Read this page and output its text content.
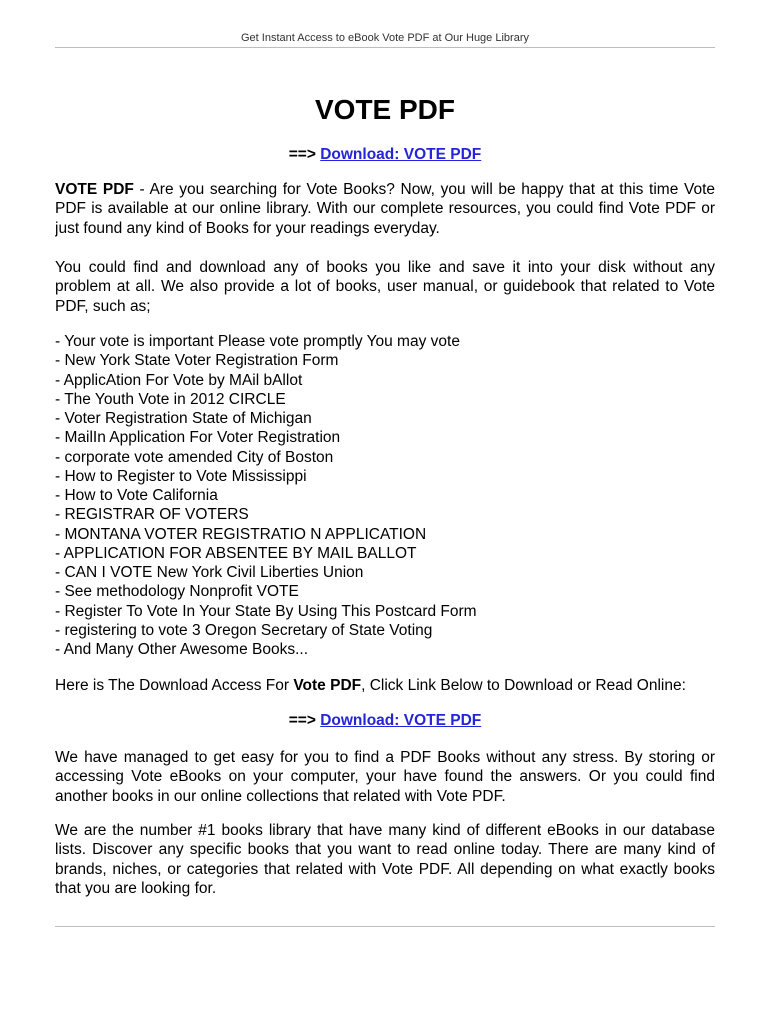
Get Instant Access to eBook Vote PDF at Our Huge Library
VOTE PDF
==> Download: VOTE PDF
VOTE PDF - Are you searching for Vote Books? Now, you will be happy that at this time Vote
PDF is available at our online library. With our complete resources, you could find Vote PDF or
just found any kind of Books for your readings everyday.
You could find and download any of books you like and save it into your disk without any
problem at all. We also provide a lot of books, user manual, or guidebook that related to Vote
PDF, such as;
- Your vote is important Please vote promptly You may vote
- New York State Voter Registration Form
- ApplicAtion For Vote by MAil bAllot
- The Youth Vote in 2012 CIRCLE
- Voter Registration State of Michigan
- MailIn Application For Voter Registration
- corporate vote amended City of Boston
- How to Register to Vote Mississippi
- How to Vote California
- REGISTRAR OF VOTERS
- MONTANA VOTER REGISTRATIO N APPLICATION
- APPLICATION FOR ABSENTEE BY MAIL BALLOT
- CAN I VOTE New York Civil Liberties Union
- See methodology Nonprofit VOTE
- Register To Vote In Your State By Using This Postcard Form
- registering to vote 3 Oregon Secretary of State Voting
- And Many Other Awesome Books...
Here is The Download Access For Vote PDF, Click Link Below to Download or Read Online:
==> Download: VOTE PDF
We have managed to get easy for you to find a PDF Books without any stress. By storing or
accessing Vote eBooks on your computer, your have found the answers. Or you could find
another books in our online collections that related with Vote PDF.
We are the number #1 books library that have many kind of different eBooks in our database
lists. Discover any specific books that you want to read online today. There are many kind of
brands, niches, or categories that related with Vote PDF. All depending on what exactly books
that you are looking for.
